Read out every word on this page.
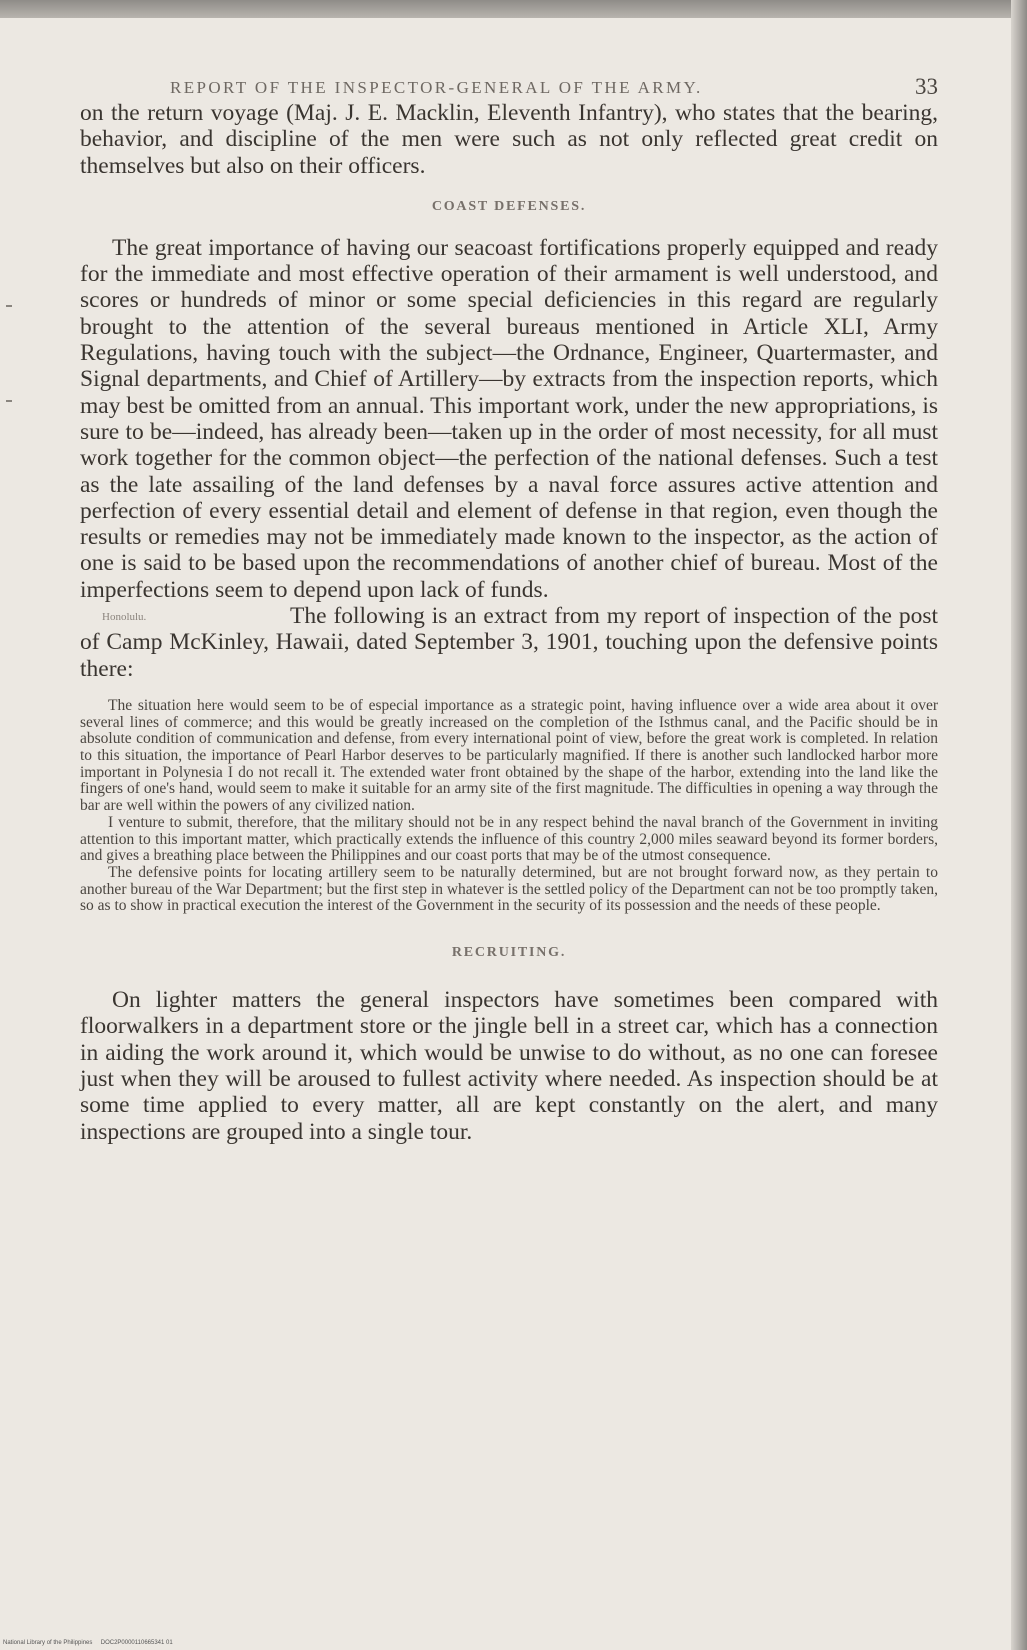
REPORT OF THE INSPECTOR-GENERAL OF THE ARMY.	33

on the return voyage (Maj. J. E. Macklin, Eleventh Infantry), who states that the bearing, behavior, and discipline of the men were such as not only reflected great credit on themselves but also on their officers.

COAST DEFENSES.

The great importance of having our seacoast fortifications properly equipped and ready for the immediate and most effective operation of their armament is well understood, and scores or hundreds of minor or some special deficiencies in this regard are regularly brought to the attention of the several bureaus mentioned in Article XLI, Army Regulations, having touch with the subject—the Ordnance, Engineer, Quartermaster, and Signal departments, and Chief of Artillery—by extracts from the inspection reports, which may best be omitted from an annual. This important work, under the new appropriations, is sure to be—indeed, has already been—taken up in the order of most necessity, for all must work together for the common object—the perfection of the national defenses. Such a test as the late assailing of the land defenses by a naval force assures active attention and perfection of every essential detail and element of defense in that region, even though the results or remedies may not be immediately made known to the inspector, as the action of one is said to be based upon the recommendations of another chief of bureau. Most of the imperfections seem to depend upon lack of funds.

Honolulu.	The following is an extract from my report of inspection of the post of Camp McKinley, Hawaii, dated September 3, 1901, touching upon the defensive points there:

The situation here would seem to be of especial importance as a strategic point, having influence over a wide area about it over several lines of commerce; and this would be greatly increased on the completion of the Isthmus canal, and the Pacific should be in absolute condition of communication and defense, from every international point of view, before the great work is completed. In relation to this situation, the importance of Pearl Harbor deserves to be particularly magnified. If there is another such landlocked harbor more important in Polynesia I do not recall it. The extended water front obtained by the shape of the harbor, extending into the land like the fingers of one's hand, would seem to make it suitable for an army site of the first magnitude. The difficulties in opening a way through the bar are well within the powers of any civilized nation.

I venture to submit, therefore, that the military should not be in any respect behind the naval branch of the Government in inviting attention to this important matter, which practically extends the influence of this country 2,000 miles seaward beyond its former borders, and gives a breathing place between the Philippines and our coast ports that may be of the utmost consequence.

The defensive points for locating artillery seem to be naturally determined, but are not brought forward now, as they pertain to another bureau of the War Department; but the first step in whatever is the settled policy of the Department can not be too promptly taken, so as to show in practical execution the interest of the Government in the security of its possession and the needs of these people.

RECRUITING.

On lighter matters the general inspectors have sometimes been compared with floorwalkers in a department store or the jingle bell in a street car, which has a connection in aiding the work around it, which would be unwise to do without, as no one can foresee just when they will be aroused to fullest activity where needed. As inspection should be at some time applied to every matter, all are kept constantly on the alert, and many inspections are grouped into a single tour.

National Library of the Philippines DOC2P0000110665341 01
